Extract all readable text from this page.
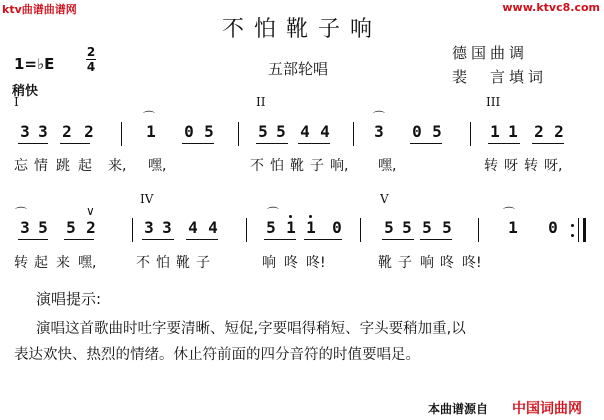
ktv曲谱曲谱网	www.ktvc8.com
不怕靴子响
德国曲调
裴　言填词
1=♭E
2
4
稍快
五部轮唱
I	II	III
⌒	⌒
3 3 2 2	1 0 5	5 5 4 4	3 0 5	1 1 2 2
忘 情 跳 起 来, 嘿,	不 怕 靴 子 响, 嘿,	转 呀 转 呀,
IV	V
⌒	⌒	⌒
∨
3 5 5 2	3 3 4 4	5 1 1 0	5 5 5 5	1 0
转 起 来 嘿,	不 怕 靴 子	响 咚 咚!	靴 子 响 咚 咚!
演唱提示:
演唱这首歌曲时吐字要清晰、短促,字要唱得稍短、字头要稍加重,以
表达欢快、热烈的情绪。休止符前面的四分音符的时值要唱足。
本曲谱源自 中国词曲网
